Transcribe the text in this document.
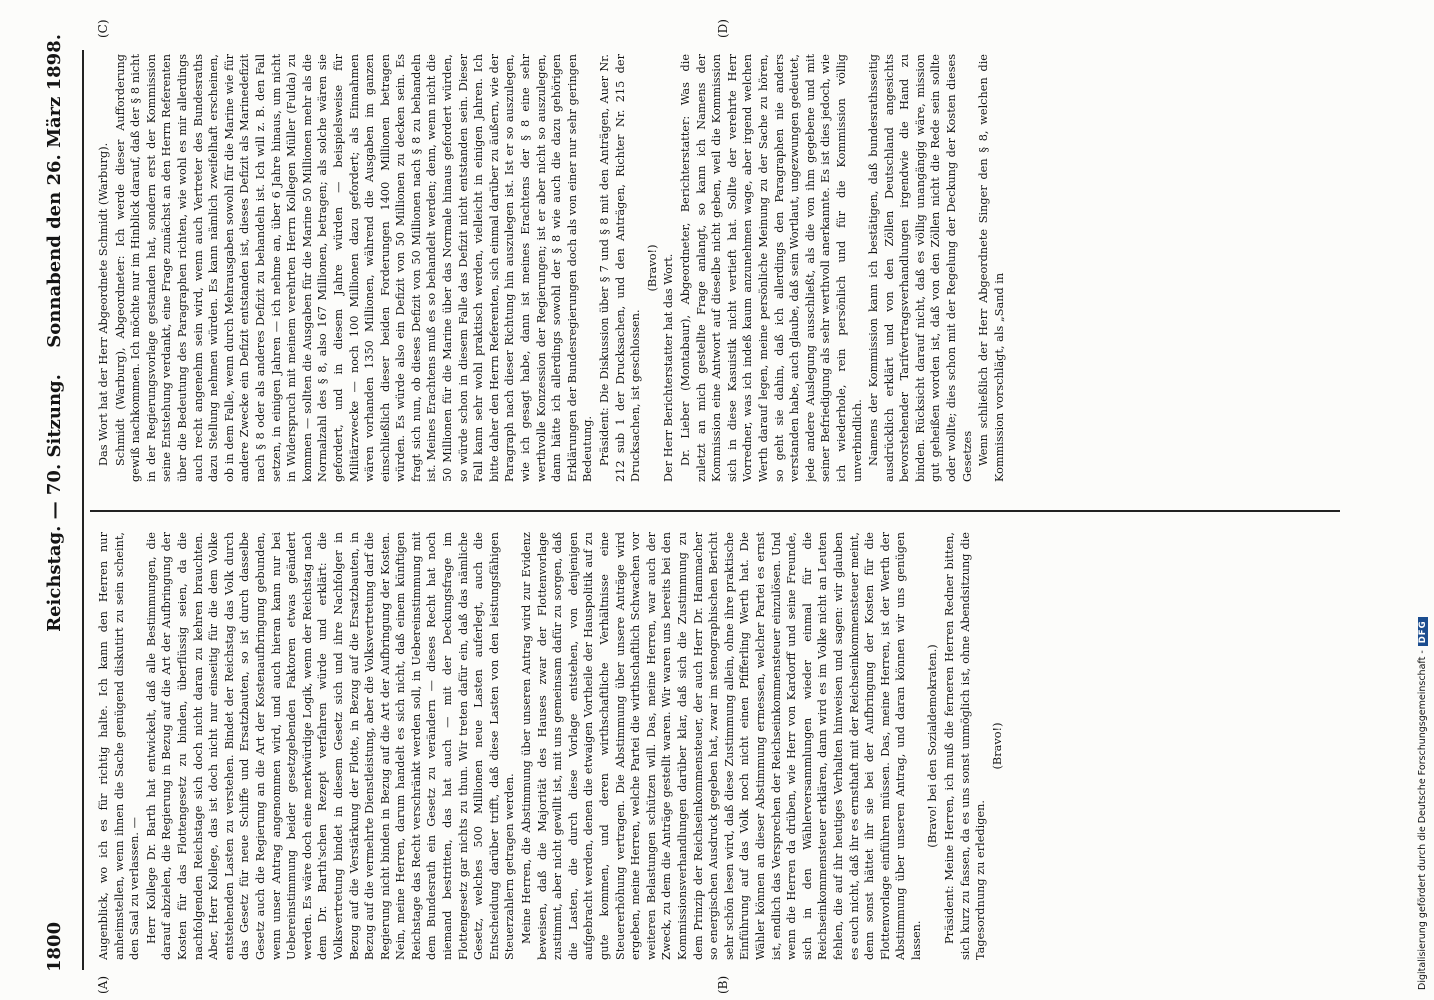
1800
Reichstag. — 70. Sitzung.
Sonnabend den 26. März 1898.
(A)	(B)
(C)	(D)

Augenblick, wo ich es für richtig halte. Ich kann den Herren nur anheimstellen, wenn ihnen die Sache genügend diskutirt zu sein scheint, den Saal zu verlassen. — Herr Kollege Dr. Barth hat entwickelt, daß alle Bestimmungen, die darauf abzielen, die Regierung in Bezug auf die Art der Aufbringung der Kosten für das Flottengesetz zu binden, überflüssig seien, da die nachfolgenden Reichstage sich doch nicht daran zu kehren brauchten. Aber, Herr Kollege, das ist doch nicht nur einseitig für die dem Volke entstehenden Lasten zu verstehen. Bindet der Reichstag das Volk durch das Gesetz für neue Schiffe und Ersatzbauten, so ist durch dasselbe Gesetz auch die Regierung an die Art der Kostenaufbringung gebunden, wenn unser Antrag angenommen wird, und auch hieran kann nur bei Uebereinstimmung beider gesetzgebenden Faktoren etwas geändert werden. Es wäre doch eine merkwürdige Logik, wenn der Reichstag nach dem Dr. Barth'schen Rezept verfahren würde und erklärt: die Volksvertretung bindet in diesem Gesetz sich und ihre Nachfolger in Bezug auf die Verstärkung der Flotte, in Bezug auf die Ersatzbauten, in Bezug auf die vermehrte Dienstleistung, aber die Volksvertretung darf die Regierung nicht binden in Bezug auf die Art der Aufbringung der Kosten. Nein, meine Herren, darum handelt es sich nicht, daß einem künftigen Reichstage das Recht verschränkt werden soll, in Uebereinstimmung mit dem Bundesrath ein Gesetz zu verändern — dieses Recht hat noch niemand bestritten, das hat auch — mit der Deckungsfrage im Flottengesetz gar nichts zu thun. Wir treten dafür ein, daß das nämliche Gesetz, welches 500 Millionen neue Lasten auferlegt, auch die Entscheidung darüber trifft, daß diese Lasten von den leistungsfähigen Steuerzahlern getragen werden. Meine Herren, die Abstimmung über unseren Antrag wird zur Evidenz beweisen, daß die Majorität des Hauses zwar der Flottenvorlage zustimmt, aber nicht gewillt ist, mit uns gemeinsam dafür zu sorgen, daß die Lasten, die durch diese Vorlage entstehen, von denjenigen aufgebracht werden, denen die etwaigen Vortheile der Hauspolitik auf zu gute kommen, und deren wirthschaftliche Verhältnisse eine Steuererhöhung vertragen. Die Abstimmung über unsere Anträge wird ergeben, meine Herren, welche Partei die wirthschaftlich Schwachen vor weiteren Belastungen schützen will. Das, meine Herren, war auch der Zweck, zu dem die Anträge gestellt waren. Wir waren uns bereits bei den Kommissionsverhandlungen darüber klar, daß sich die Zustimmung zu dem Prinzip der Reichseinkommensteuer, der auch Herr Dr. Hammacher so energischen Ausdruck gegeben hat, zwar im stenographischen Bericht sehr schön lesen wird, daß diese Zustimmung allein, ohne ihre praktische Einführung auf das Volk noch nicht einen Pfifferling Werth hat. Die Wähler können an dieser Abstimmung ermessen, welcher Partei es ernst ist, endlich das Versprechen der Reichseinkommensteuer einzulösen. Und wenn die Herren da drüben, wie Herr von Kardorff und seine Freunde, sich in den Wählerversammlungen wieder einmal für die Reichseinkommensteuer erklären, dann wird es im Volke nicht an Leuten fehlen, die auf ihr heutiges Verhalten hinweisen und sagen: wir glauben es euch nicht, daß ihr es ernsthaft mit der Reichseinkommensteuer meint, denn sonst hättet ihr sie bei der Aufbringung der Kosten für die Flottenvorlage einführen müssen. Das, meine Herren, ist der Werth der Abstimmung über unseren Antrag, und daran können wir uns genügen lassen.

(Bravo! bei den Sozialdemokraten.) Präsident: Meine Herren, ich muß die ferneren Herren Redner bitten, sich kurz zu fassen, da es uns sonst unmöglich ist, ohne Abendsitzung die Tagesordnung zu erledigen.

(Bravo!)

Das Wort hat der Herr Abgeordnete Schmidt (Warburg). Schmidt (Warburg), Abgeordneter: Ich werde dieser Aufforderung gewiß nachkommen. Ich möchte nur im Hinblick darauf, daß der § 8 nicht in der Regierungsvorlage gestanden hat, sondern erst der Kommission seine Entstehung verdankt, eine Frage zunächst an den Herrn Referenten über die Bedeutung des Paragraphen richten, wie wohl es mir allerdings auch recht angenehm sein wird, wenn auch Vertreter des Bundesraths dazu Stellung nehmen würden. Es kann nämlich zweifelhaft erscheinen, ob in dem Falle, wenn durch Mehrausgaben sowohl für die Marine wie für andere Zwecke ein Defizit entstanden ist, dieses Defizit als Marinedefizit nach § 8 oder als anderes Defizit zu behandeln ist. Ich will z. B. den Fall setzen, in einigen Jahren — ich nehme an, über 6 Jahre hinaus, um nicht in Widerspruch mit meinem verehrten Herrn Kollegen Müller (Fulda) zu kommen — sollten die Ausgaben für die Marine 50 Millionen mehr als die Normalzahl des § 8, also 167 Millionen, betragen; als solche wären sie gefordert, und in diesem Jahre würden — beispielsweise für Militärzwecke — noch 100 Millionen dazu gefordert; als Einnahmen wären vorhanden 1350 Millionen, während die Ausgaben im ganzen einschließlich dieser beiden Forderungen 1400 Millionen betragen würden. Es würde also ein Defizit von 50 Millionen zu decken sein. Es fragt sich nun, ob dieses Defizit von 50 Millionen nach § 8 zu behandeln ist. Meines Erachtens muß es so behandelt werden; denn, wenn nicht die 50 Millionen für die Marine über das Normale hinaus gefordert würden, so würde schon in diesem Falle das Defizit nicht entstanden sein. Dieser Fall kann sehr wohl praktisch werden, vielleicht in einigen Jahren. Ich bitte daher den Herrn Referenten, sich einmal darüber zu äußern, wie der Paragraph nach dieser Richtung hin auszulegen ist. Ist er so auszulegen, wie ich gesagt habe, dann ist meines Erachtens der § 8 eine sehr werthvolle Konzession der Regierungen; ist er aber nicht so auszulegen, dann hätte ich allerdings sowohl der § 8 wie auch die dazu gehörigen Erklärungen der Bundesregierungen doch als von einer nur sehr geringen Bedeutung. Präsident: Die Diskussion über § 7 und § 8 mit den Anträgen, Auer Nr. 212 sub 1 der Drucksachen, und den Anträgen, Richter Nr. 215 der Drucksachen, ist geschlossen.

(Bravo!) Der Herr Berichterstatter hat das Wort. Dr. Lieber (Montabaur), Abgeordneter, Berichterstatter: Was die zuletzt an mich gestellte Frage anlangt, so kann ich Namens der Kommission eine Antwort auf dieselbe nicht geben, weil die Kommission sich in diese Kasuistik nicht vertieft hat. Sollte der verehrte Herr Vorredner, was ich indeß kaum anzunehmen wage, aber irgend welchen Werth darauf legen, meine persönliche Meinung zu der Sache zu hören, so geht sie dahin, daß ich allerdings den Paragraphen nie anders verstanden habe, auch glaube, daß sein Wortlaut, ungezwungen gedeutet, jede andere Auslegung ausschließt, als die von ihm gegebene und mit seiner Befriedigung als sehr werthvoll anerkannte. Es ist dies jedoch, wie ich wiederhole, rein persönlich und für die Kommission völlig unverbindlich. Namens der Kommission kann ich bestätigen, daß bundesrathsseitig ausdrücklich erklärt und von den Zöllen Deutschland angesichts bevorstehender Tarifvertragsverhandlungen irgendwie die Hand zu binden. Rücksicht darauf nicht, daß es völlig unangängig wäre, mission gut geheißen worden ist, daß von den Zöllen nicht die Rede sein sollte oder wollte; dies schon mit der Regelung der Deckung der Kosten dieses Gesetzes Wenn schließlich der Herr Abgeordnete Singer den § 8, welchen die Kommission vorschlägt, als „Sand in

Digitalisierung gefördert durch die Deutsche Forschungsgemeinschaft -DFG
